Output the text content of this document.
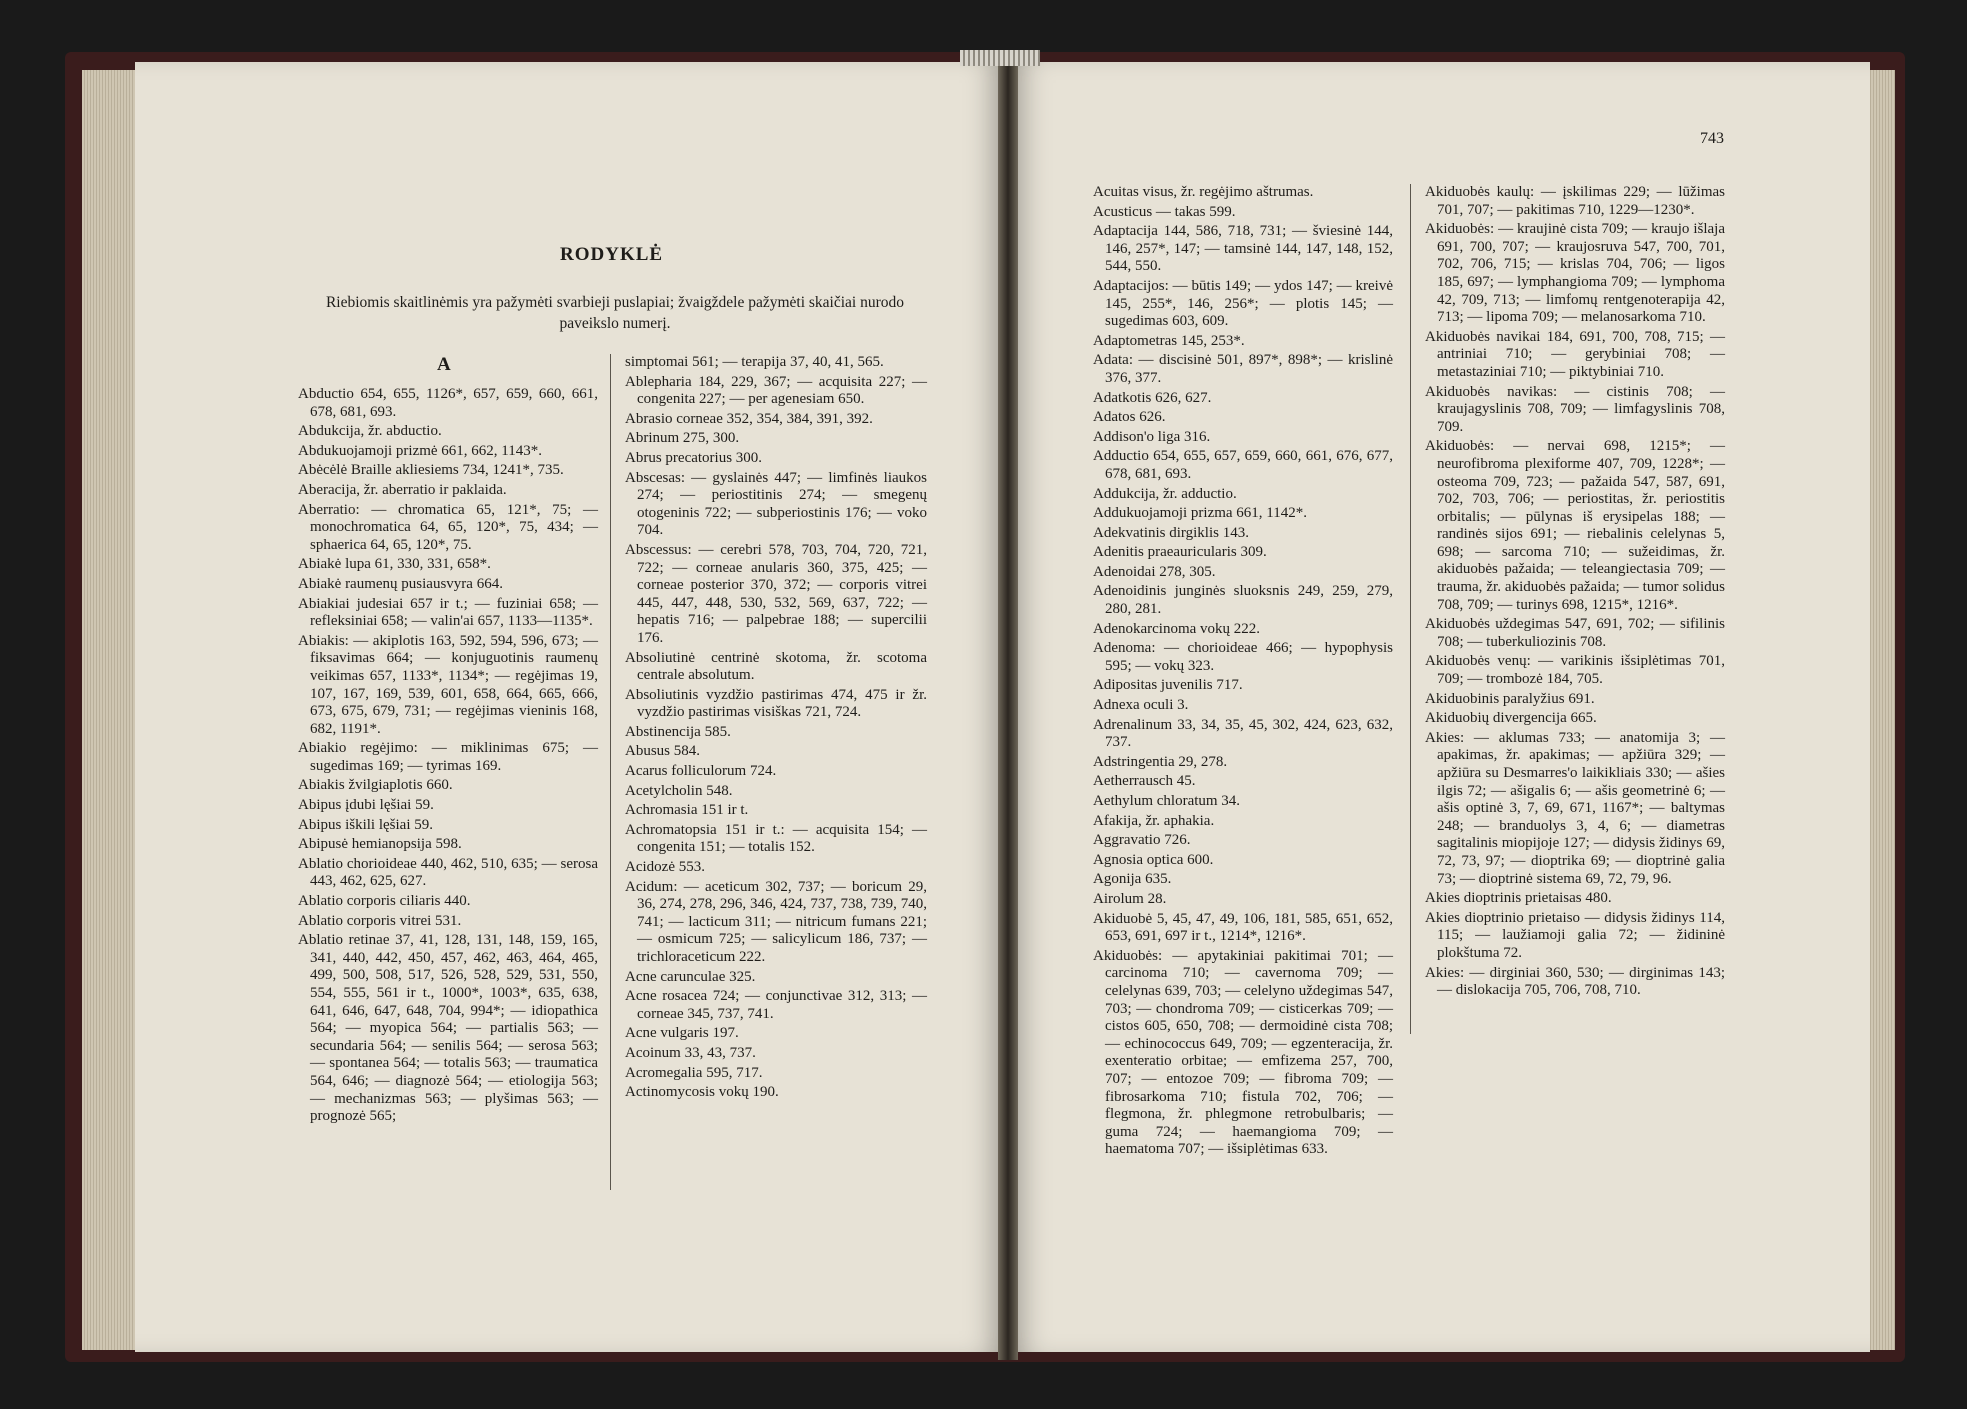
743
RODYKLĖ
Riebiomis skaitlinėmis yra pažymėti svarbieji puslapiai; žvaigždele pažymėti skaičiai nurodo paveikslo numerį.
A

Abductio 654, 655, 1126*, 657, 659, 660, 661, 678, 681, 693.

Abdukcija, žr. abductio.

Abdukuojamoji prizmė 661, 662, 1143*.

Abėcėlė Braille akliesiems 734, 1241*, 735.

Aberacija, žr. aberratio ir paklaida.

Aberratio: — chromatica 65, 121*, 75; — monochromatica 64, 65, 120*, 75, 434; — sphaerica 64, 65, 120*, 75.

Abiakė lupa 61, 330, 331, 658*.

Abiakė raumenų pusiausvyra 664.

Abiakiai judesiai 657 ir t.; — fuziniai 658; — refleksiniai 658; — valin'ai 657, 1133—1135*.

Abiakis: — akiplotis 163, 592, 594, 596, 673; — fiksavimas 664; — konjuguotinis raumenų veikimas 657, 1133*, 1134*; — regėjimas 19, 107, 167, 169, 539, 601, 658, 664, 665, 666, 673, 675, 679, 731; — regėjimas vieninis 168, 682, 1191*.

Abiakio regėjimo: — miklinimas 675; — sugedimas 169; — tyrimas 169.

Abiakis žvilgiaplotis 660.

Abipus įdubi lęšiai 59.

Abipus iškili lęšiai 59.

Abipusė hemianopsija 598.

Ablatio chorioideae 440, 462, 510, 635; — serosa 443, 462, 625, 627.

Ablatio corporis ciliaris 440.

Ablatio corporis vitrei 531.

Ablatio retinae 37, 41, 128, 131, 148, 159, 165, 341, 440, 442, 450, 457, 462, 463, 464, 465, 499, 500, 508, 517, 526, 528, 529, 531, 550, 554, 555, 561 ir t., 1000*, 1003*, 635, 638, 641, 646, 647, 648, 704, 994*; — idiopathica 564; — myopica 564; — partialis 563; — secundaria 564; — senilis 564; — serosa 563; — spontanea 564; — totalis 563; — traumatica 564, 646; — diagnozė 564; — etiologija 563; — mechanizmas 563; — plyšimas 563; — prognozė 565;

simptomai 561; — terapija 37, 40, 41, 565.

Ablepharia 184, 229, 367; — acquisita 227; — congenita 227; — per agenesiam 650.

Abrasio corneae 352, 354, 384, 391, 392.

Abrinum 275, 300.

Abrus precatorius 300.

Abscesas: — gyslainės 447; — limfinės liaukos 274; — periostitinis 274; — smegenų otogeninis 722; — subperiostinis 176; — voko 704.

Abscessus: — cerebri 578, 703, 704, 720, 721, 722; — corneae anularis 360, 375, 425; — corneae posterior 370, 372; — corporis vitrei 445, 447, 448, 530, 532, 569, 637, 722; — hepatis 716; — palpebrae 188; — supercilii 176.

Absoliutinė centrinė skotoma, žr. scotoma centrale absolutum.

Absoliutinis vyzdžio pastirimas 474, 475 ir žr. vyzdžio pastirimas visiškas 721, 724.

Abstinencija 585.

Abusus 584.

Acarus folliculorum 724.

Acetylcholin 548.

Achromasia 151 ir t.

Achromatopsia 151 ir t.: — acquisita 154; — congenita 151; — totalis 152.

Acidozė 553.

Acidum: — aceticum 302, 737; — boricum 29, 36, 274, 278, 296, 346, 424, 737, 738, 739, 740, 741; — lacticum 311; — nitricum fumans 221; — osmicum 725; — salicylicum 186, 737; — trichloraceticum 222.

Acne carunculae 325.

Acne rosacea 724; — conjunctivae 312, 313; — corneae 345, 737, 741.

Acne vulgaris 197.

Acoinum 33, 43, 737.

Acromegalia 595, 717.

Actinomycosis vokų 190.

Acuitas visus, žr. regėjimo aštrumas.

Acusticus — takas 599.

Adaptacija 144, 586, 718, 731; — šviesinė 144, 146, 257*, 147; — tamsinė 144, 147, 148, 152, 544, 550.

Adaptacijos: — būtis 149; — ydos 147; — kreivė 145, 255*, 146, 256*; — plotis 145; — sugedimas 603, 609.

Adaptometras 145, 253*.

Adata: — discisinė 501, 897*, 898*; — krislinė 376, 377.

Adatkotis 626, 627.

Adatos 626.

Addison'o liga 316.

Adductio 654, 655, 657, 659, 660, 661, 676, 677, 678, 681, 693.

Addukcija, žr. adductio.

Addukuojamoji prizma 661, 1142*.

Adekvatinis dirgiklis 143.

Adenitis praeauricularis 309.

Adenoidai 278, 305.

Adenoidinis junginės sluoksnis 249, 259, 279, 280, 281.

Adenokarcinoma vokų 222.

Adenoma: — chorioideae 466; — hypophysis 595; — vokų 323.

Adipositas juvenilis 717.

Adnexa oculi 3.

Adrenalinum 33, 34, 35, 45, 302, 424, 623, 632, 737.

Adstringentia 29, 278.

Aetherrausch 45.

Aethylum chloratum 34.

Afakija, žr. aphakia.

Aggravatio 726.

Agnosia optica 600.

Agonija 635.

Airolum 28.

Akiduobė 5, 45, 47, 49, 106, 181, 585, 651, 652, 653, 691, 697 ir t., 1214*, 1216*.

Akiduobės: — apytakiniai pakitimai 701; — carcinoma 710; — cavernoma 709; — celelynas 639, 703; — celelyno uždegimas 547, 703; — chondroma 709; — cisticerkas 709; — cistos 605, 650, 708; — dermoidinė cista 708; — echinococcus 649, 709; — egzenteracija, žr. exenteratio orbitae; — emfizema 257, 700, 707; — entozoe 709; — fibroma 709; — fibrosarkoma 710; fistula 702, 706; — flegmona, žr. phlegmone retrobulbaris; — guma 724; — haemangioma 709; — haematoma 707; — išsiplėtimas 633.

Akiduobės kaulų: — įskilimas 229; — lūžimas 701, 707; — pakitimas 710, 1229—1230*.

Akiduobės: — kraujinė cista 709; — kraujo išlaja 691, 700, 707; — kraujosruva 547, 700, 701, 702, 706, 715; — krislas 704, 706; — ligos 185, 697; — lymphangioma 709; — lymphoma 42, 709, 713; — limfomų rentgenoterapija 42, 713; — lipoma 709; — melanosarkoma 710.

Akiduobės navikai 184, 691, 700, 708, 715; — antriniai 710; — gerybiniai 708; — metastaziniai 710; — piktybiniai 710.

Akiduobės navikas: — cistinis 708; — kraujagyslinis 708, 709; — limfagyslinis 708, 709.

Akiduobės: — nervai 698, 1215*; — neurofibroma plexiforme 407, 709, 1228*; — osteoma 709, 723; — pažaida 547, 587, 691, 702, 703, 706; — periostitas, žr. periostitis orbitalis; — pūlynas iš erysipelas 188; — randinės sijos 691; — riebalinis celelynas 5, 698; — sarcoma 710; — sužeidimas, žr. akiduobės pažaida; — teleangiectasia 709; — trauma, žr. akiduobės pažaida; — tumor solidus 708, 709; — turinys 698, 1215*, 1216*.

Akiduobės uždegimas 547, 691, 702; — sifilinis 708; — tuberkuliozinis 708.

Akiduobės venų: — varikinis išsiplėtimas 701, 709; — trombozė 184, 705.

Akiduobinis paralyžius 691.

Akiduobių divergencija 665.

Akies: — aklumas 733; — anatomija 3; — apakimas, žr. apakimas; — apžiūra 329; — apžiūra su Desmarres'o laikikliais 330; — ašies ilgis 72; — ašigalis 6; — ašis geometrinė 6; — ašis optinė 3, 7, 69, 671, 1167*; — baltymas 248; — branduolys 3, 4, 6; — diametras sagitalinis miopijoje 127; — didysis židinys 69, 72, 73, 97; — dioptrika 69; — dioptrinė galia 73; — dioptrinė sistema 69, 72, 79, 96.

Akies dioptrinis prietaisas 480.

Akies dioptrinio prietaiso — didysis židinys 114, 115; — laužiamoji galia 72; — židininė plokštuma 72.

Akies: — dirginiai 360, 530; — dirginimas 143; — dislokacija 705, 706, 708, 710.
